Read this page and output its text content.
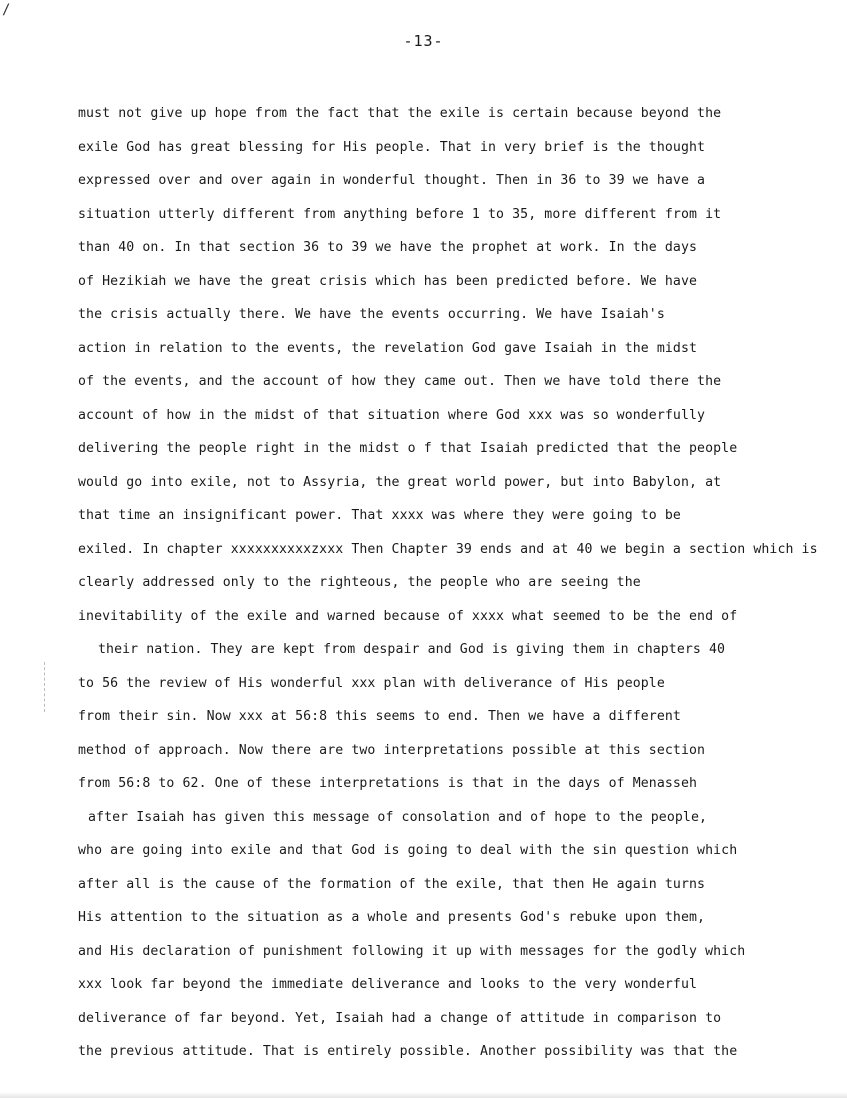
/
-13-
must not give up hope from the fact that the exile is certain because beyond the
exile God has great blessing for His people. That in very brief is the thought
expressed over and over again in wonderful thought. Then in 36 to 39 we have a
situation utterly different from anything before 1 to 35, more different from it
than 40 on. In that section 36 to 39 we have the prophet at work. In the days
of Hezikiah we have the great crisis which has been predicted before. We have
the crisis actually there. We have the events occurring. We have Isaiah's
action in relation to the events, the revelation God gave Isaiah in the midst
of the events, and the account of how they came out. Then we have told there the
account of how in the midst of that situation where God xxx was so wonderfully
delivering the people right in the midst o f that Isaiah predicted that the people
would go into exile, not to Assyria, the great world power, but into Babylon, at
that time an insignificant power. That xxxx was where they were going to be
exiled. In chapter xxxxxxxxxxzxxx Then Chapter 39 ends and at 40 we begin a section which is
clearly addressed only to the righteous, the people who are seeing the
inevitability of the exile and warned because of xxxx what seemed to be the end of
their nation. They are kept from despair and God is giving them in chapters 40
to 56 the review of His wonderful xxx plan with deliverance of His people
from their sin. Now xxx at 56:8 this seems to end. Then we have a different
method of approach. Now there are two interpretations possible at this section
from 56:8 to 62. One of these interpretations is that in the days of Menasseh
after Isaiah has given this message of consolation and of hope to the people,
who are going into exile and that God is going to deal with the sin question which
after all is the cause of the formation of the exile, that then He again turns
His attention to the situation as a whole and presents God's rebuke upon them,
and His declaration of punishment following it up with messages for the godly which
xxx look far beyond the immediate deliverance and looks to the very wonderful
deliverance of far beyond. Yet, Isaiah had a change of attitude in comparison to
the previous attitude. That is entirely possible. Another possibility was that the
